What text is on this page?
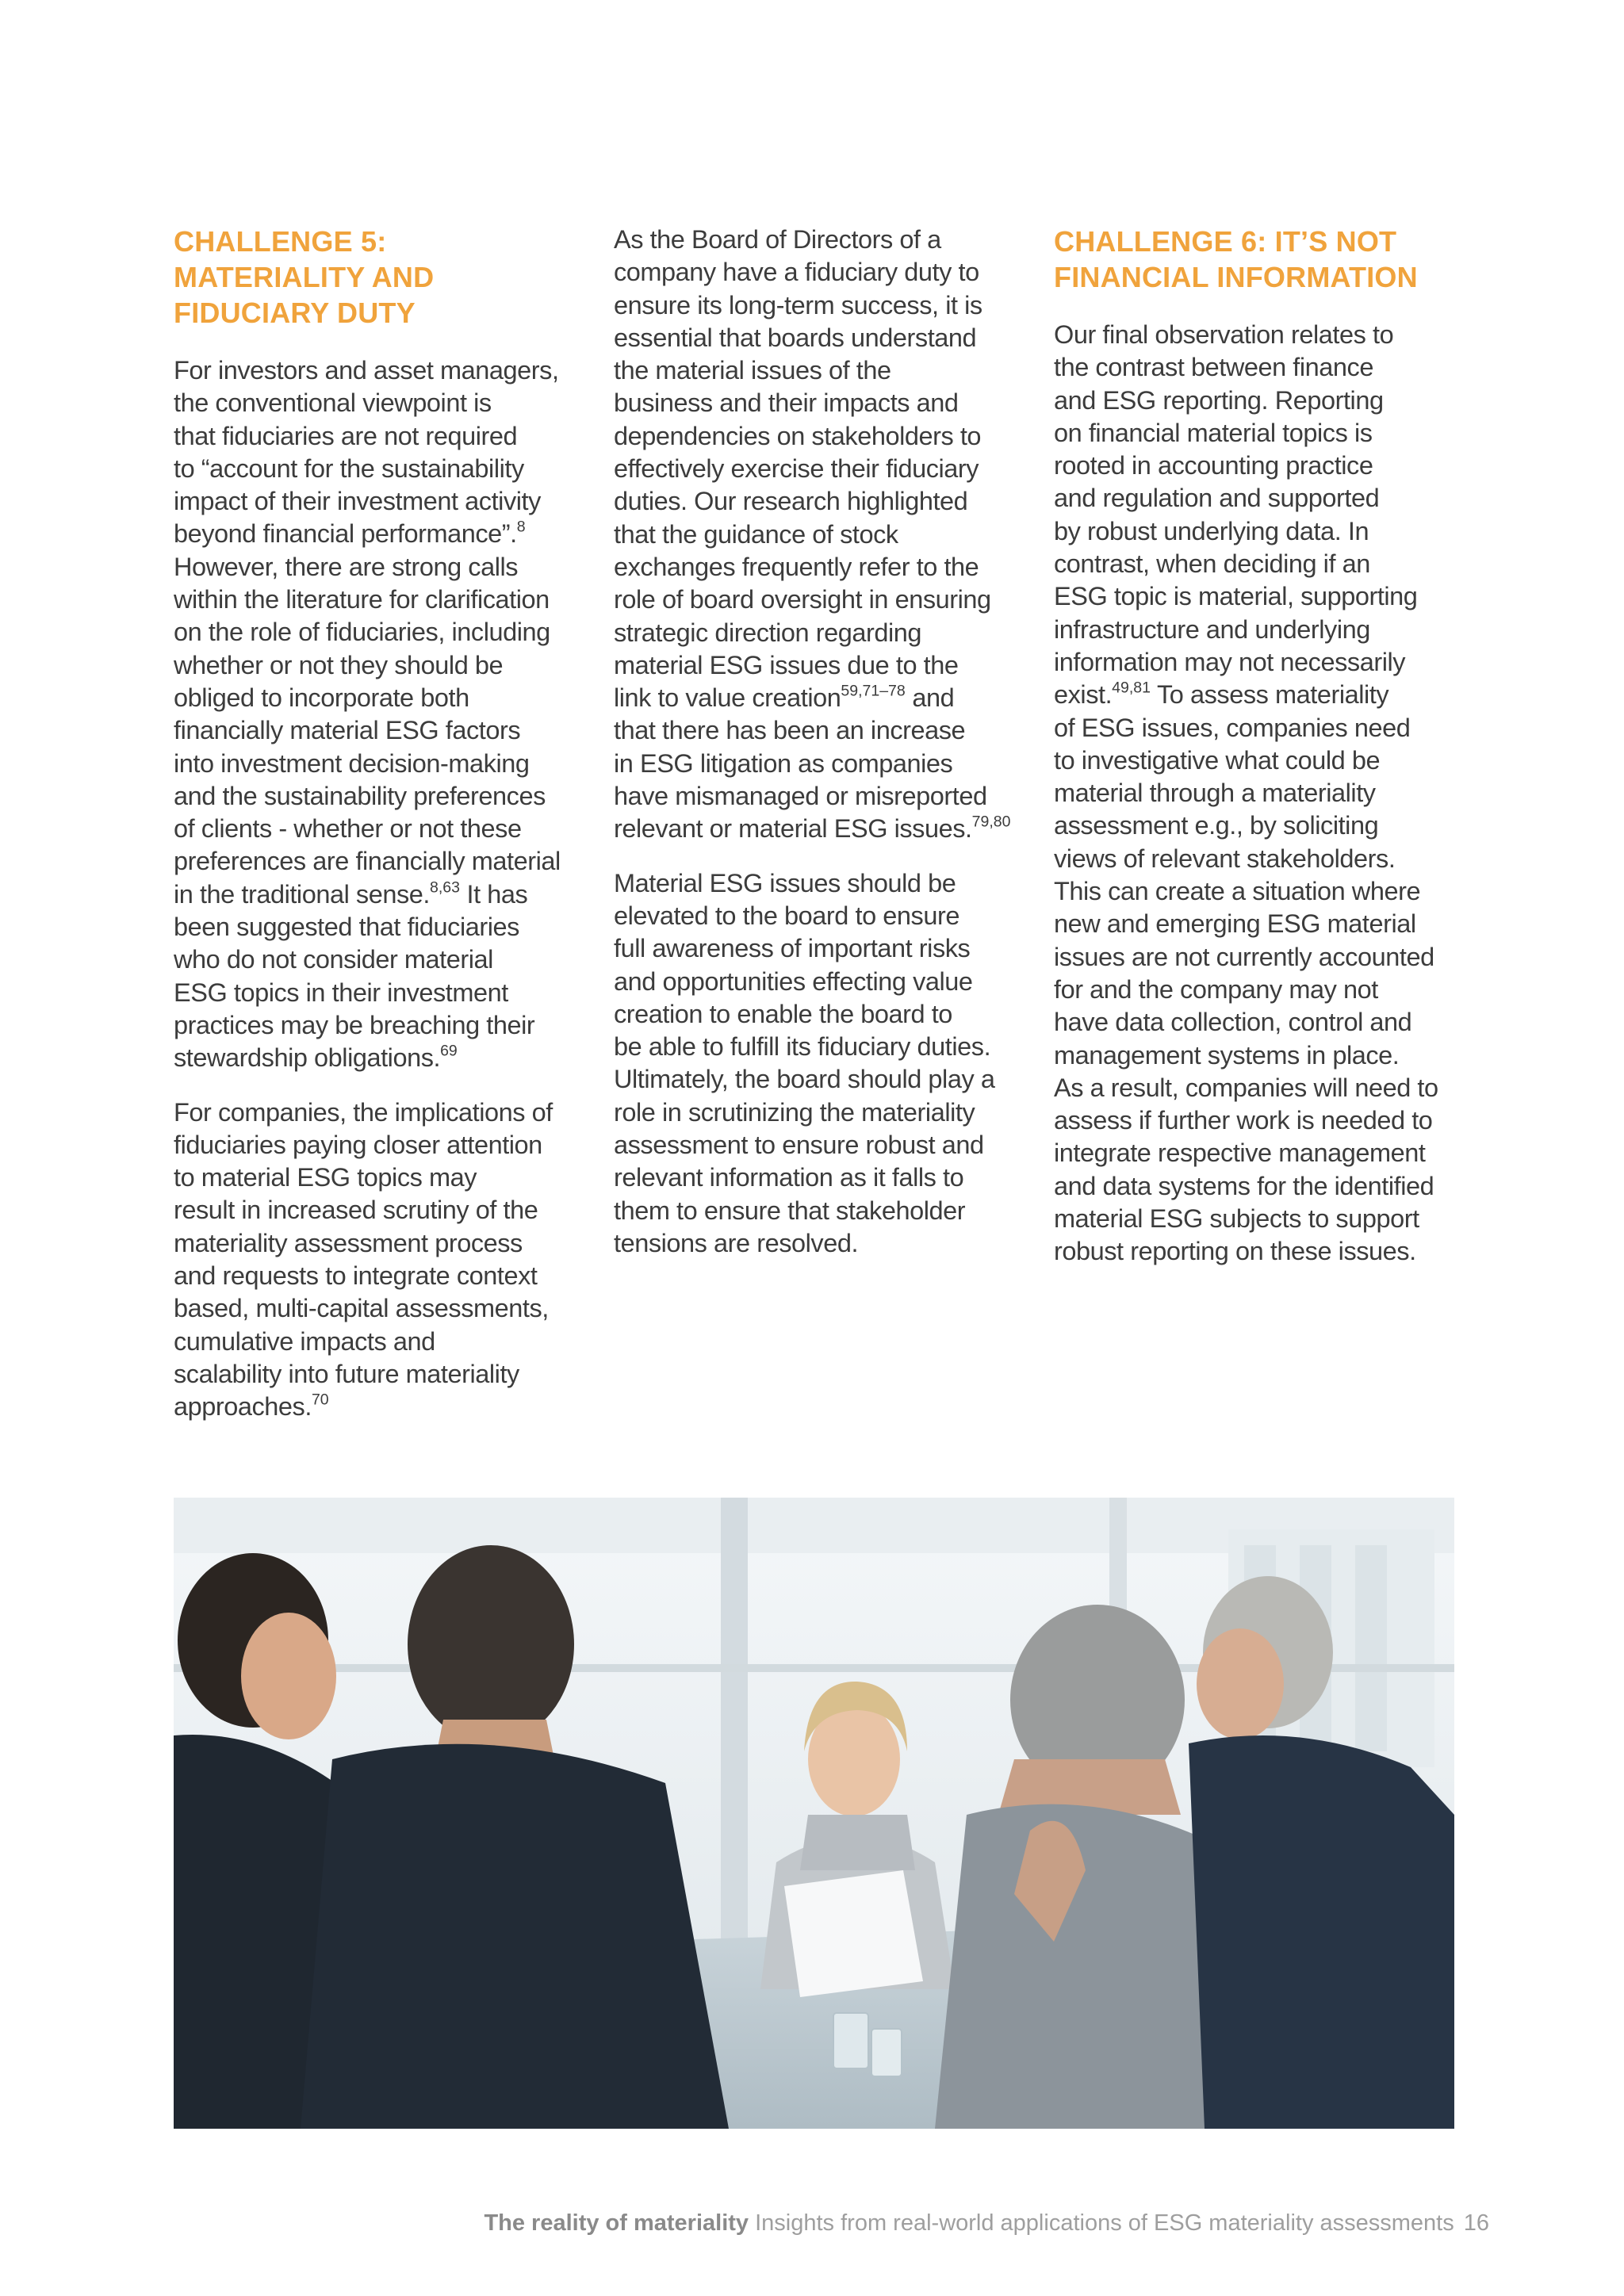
CHALLENGE 5:
MATERIALITY AND
FIDUCIARY DUTY
For investors and asset managers,
the conventional viewpoint is
that fiduciaries are not required
to “account for the sustainability
impact of their investment activity
beyond financial performance”.$^8$
However, there are strong calls
within the literature for clarification
on the role of fiduciaries, including
whether or not they should be
obliged to incorporate both
financially material ESG factors
into investment decision-making
and the sustainability preferences
of clients - whether or not these
preferences are financially material
in the traditional sense.$^{8,63}$ It has
been suggested that fiduciaries
who do not consider material
ESG topics in their investment
practices may be breaching their
stewardship obligations.$^{69}$
For companies, the implications of
fiduciaries paying closer attention
to material ESG topics may
result in increased scrutiny of the
materiality assessment process
and requests to integrate context
based, multi-capital assessments,
cumulative impacts and
scalability into future materiality
approaches.$^{70}$
As the Board of Directors of a
company have a fiduciary duty to
ensure its long-term success, it is
essential that boards understand
the material issues of the
business and their impacts and
dependencies on stakeholders to
effectively exercise their fiduciary
duties. Our research highlighted
that the guidance of stock
exchanges frequently refer to the
role of board oversight in ensuring
strategic direction regarding
material ESG issues due to the
link to value creation$^{59,71-78}$ and
that there has been an increase
in ESG litigation as companies
have mismanaged or misreported
relevant or material ESG issues.$^{79,80}$
Material ESG issues should be
elevated to the board to ensure
full awareness of important risks
and opportunities effecting value
creation to enable the board to
be able to fulfill its fiduciary duties.
Ultimately, the board should play a
role in scrutinizing the materiality
assessment to ensure robust and
relevant information as it falls to
them to ensure that stakeholder
tensions are resolved.
CHALLENGE 6: IT’S NOT
FINANCIAL INFORMATION
Our final observation relates to
the contrast between finance
and ESG reporting. Reporting
on financial material topics is
rooted in accounting practice
and regulation and supported
by robust underlying data. In
contrast, when deciding if an
ESG topic is material, supporting
infrastructure and underlying
information may not necessarily
exist.$^{49,81}$ To assess materiality
of ESG issues, companies need
to investigative what could be
material through a materiality
assessment e.g., by soliciting
views of relevant stakeholders.
This can create a situation where
new and emerging ESG material
issues are not currently accounted
for and the company may not
have data collection, control and
management systems in place.
As a result, companies will need to
assess if further work is needed to
integrate respective management
and data systems for the identified
material ESG subjects to support
robust reporting on these issues.
The reality of materiality Insights from real-world applications of ESG materiality assessments 16
